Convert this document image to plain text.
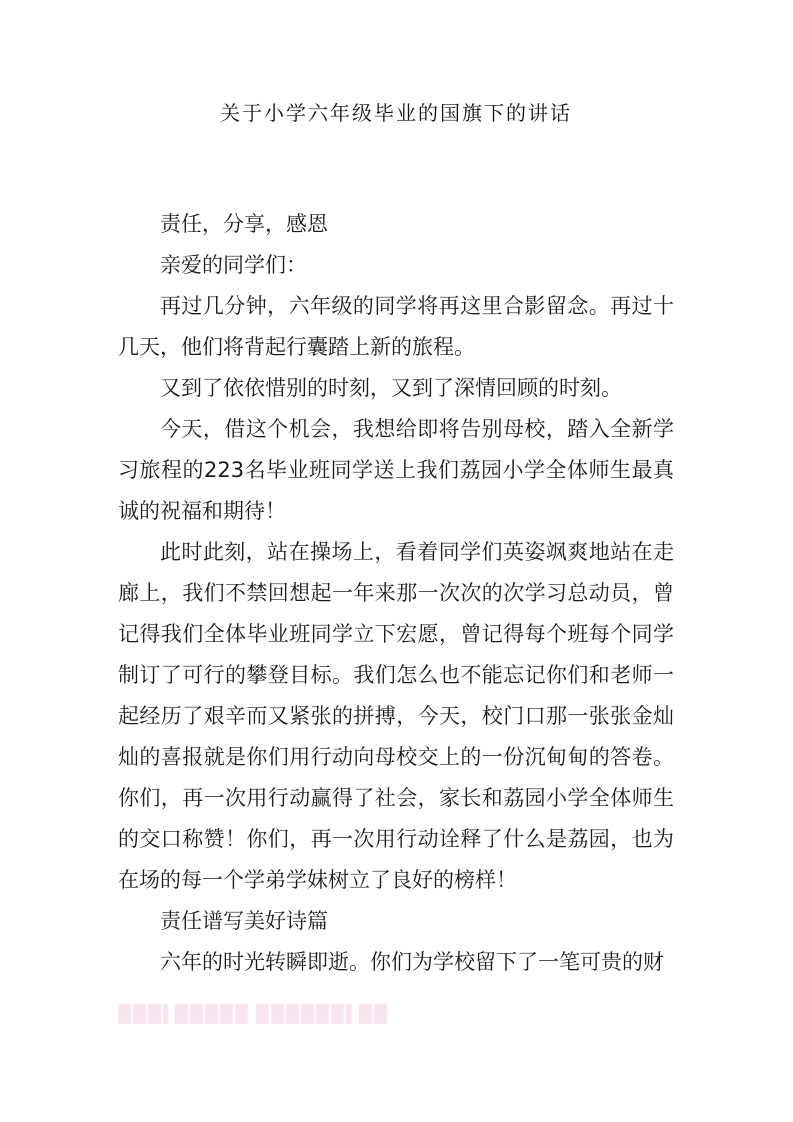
关于小学六年级毕业的国旗下的讲话

责任，分享，感恩

亲爱的同学们：

再过几分钟，六年级的同学将再这里合影留念。再过十几天，他们将背起行囊踏上新的旅程。

又到了依依惜别的时刻，又到了深情回顾的时刻。

今天，借这个机会，我想给即将告别母校，踏入全新学习旅程的223名毕业班同学送上我们荔园小学全体师生最真诚的祝福和期待！

此时此刻，站在操场上，看着同学们英姿飒爽地站在走廊上，我们不禁回想起一年来那一次次的次学习总动员，曾记得我们全体毕业班同学立下宏愿，曾记得每个班每个同学制订了可行的攀登目标。我们怎么也不能忘记你们和老师一起经历了艰辛而又紧张的拼搏，今天，校门口那一张张金灿灿的喜报就是你们用行动向母校交上的一份沉甸甸的答卷。你们，再一次用行动赢得了社会，家长和荔园小学全体师生的交口称赞！你们，再一次用行动诠释了什么是荔园，也为在场的每一个学弟学妹树立了良好的榜样！

责任谱写美好诗篇

六年的时光转瞬即逝。你们为学校留下了一笔可贵的财
